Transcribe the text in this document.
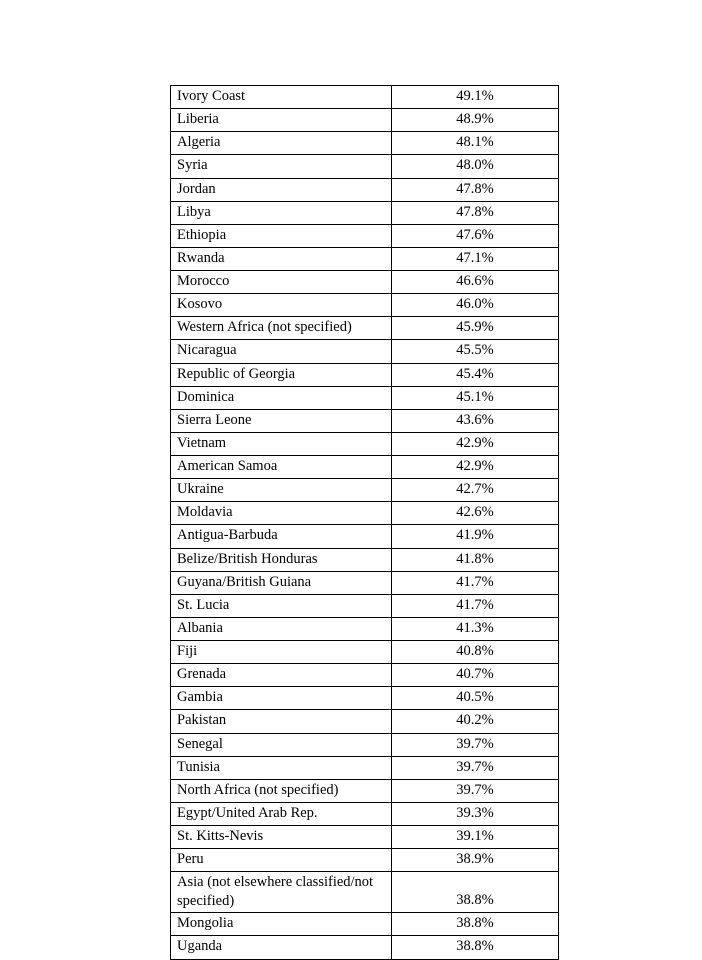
Ivory Coast	49.1%
Liberia	48.9%
Algeria	48.1%
Syria	48.0%
Jordan	47.8%
Libya	47.8%
Ethiopia	47.6%
Rwanda	47.1%
Morocco	46.6%
Kosovo	46.0%
Western Africa (not specified)	45.9%
Nicaragua	45.5%
Republic of Georgia	45.4%
Dominica	45.1%
Sierra Leone	43.6%
Vietnam	42.9%
American Samoa	42.9%
Ukraine	42.7%
Moldavia	42.6%
Antigua-Barbuda	41.9%
Belize/British Honduras	41.8%
Guyana/British Guiana	41.7%
St. Lucia	41.7%
Albania	41.3%
Fiji	40.8%
Grenada	40.7%
Gambia	40.5%
Pakistan	40.2%
Senegal	39.7%
Tunisia	39.7%
North Africa (not specified)	39.7%
Egypt/United Arab Rep.	39.3%
St. Kitts-Nevis	39.1%
Peru	38.9%
Asia (not elsewhere classified/not specified)	38.8%
Mongolia	38.8%
Uganda	38.8%
